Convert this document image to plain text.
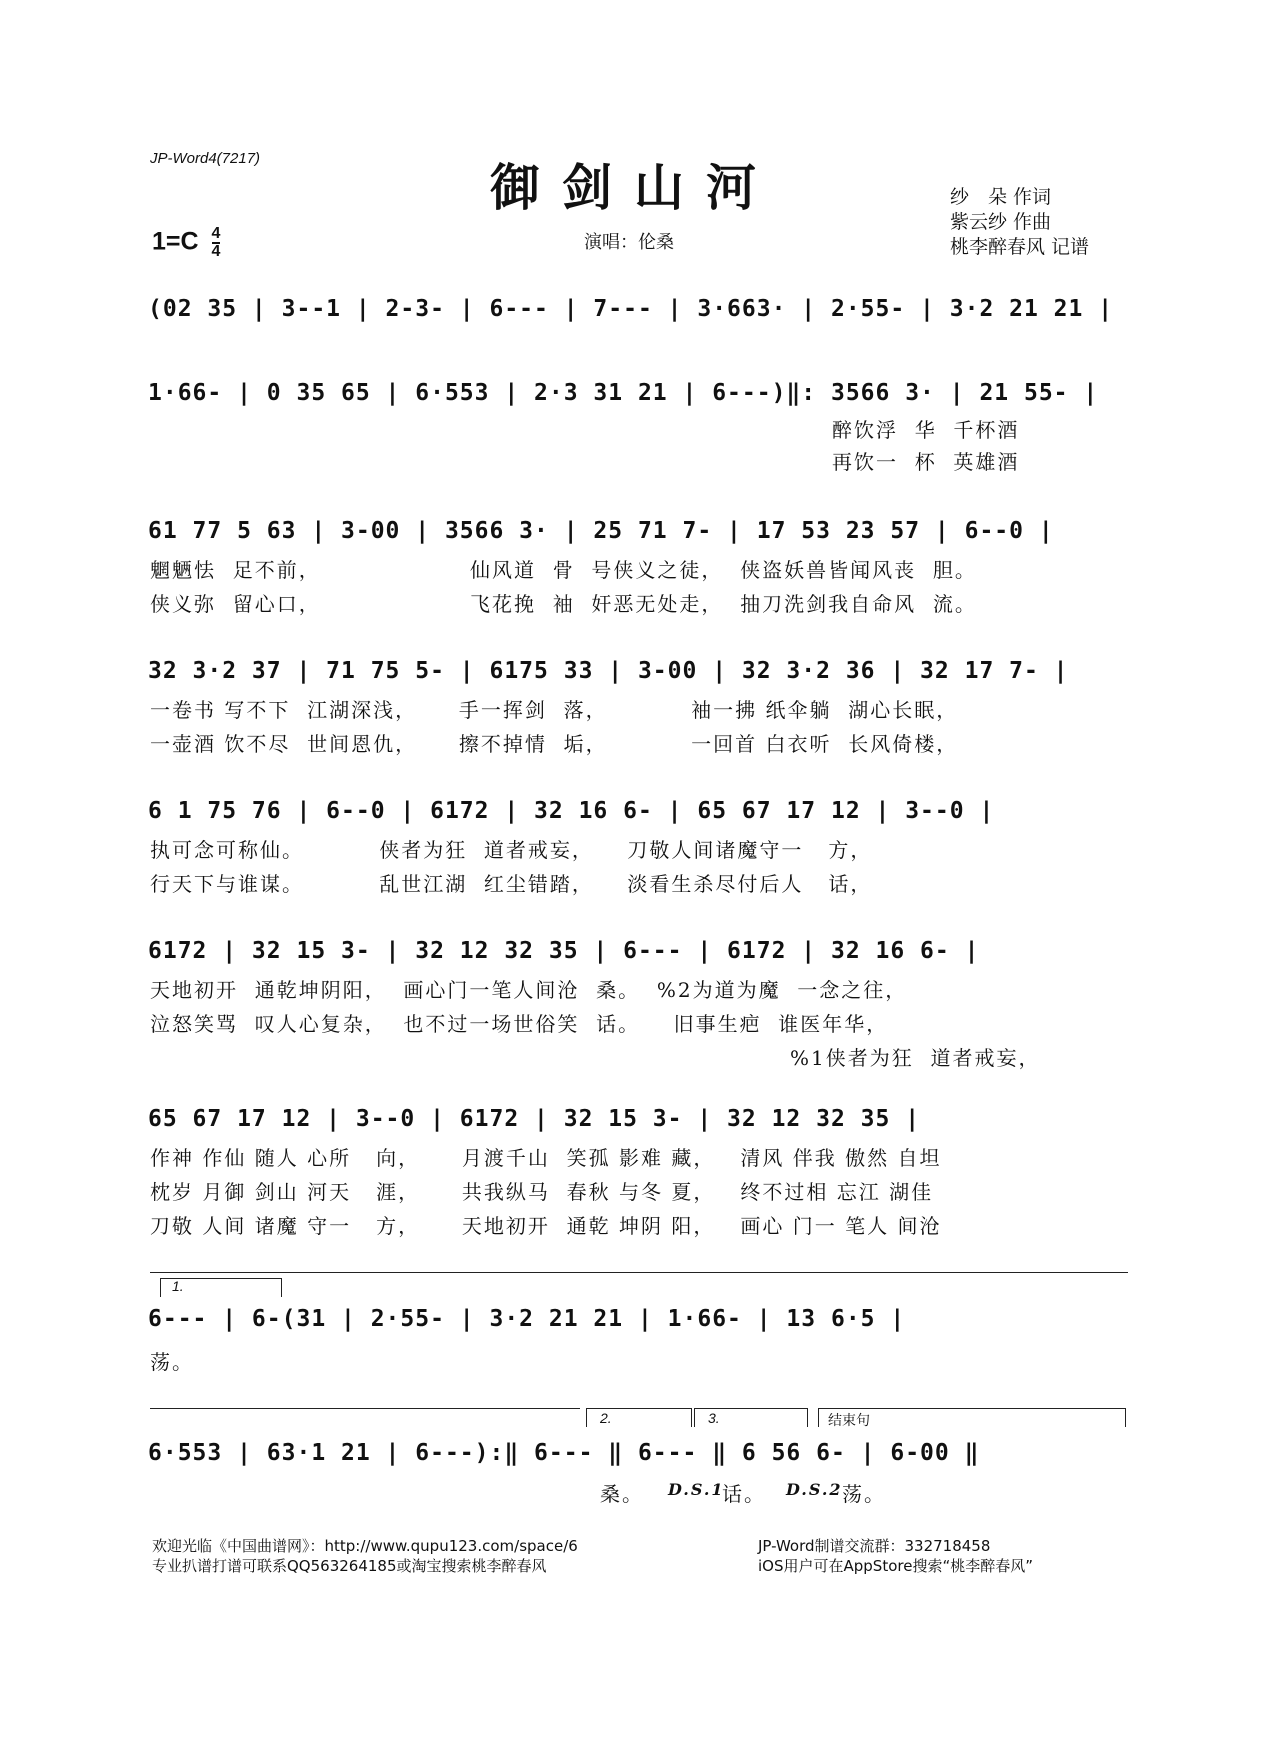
JP-Word4(7217)	御剑山河
$1=C \frac{4}{4}$	演唱：伦桑
纱　朵 作词
紫云纱 作曲
桃李醉春风 记谱
(02 35 | 3--1 | 2-3- | 6--- | 7--- | 3·663· | 2·55- | 3·2 21 21 |
1·66- | 0 35 65 | 6·553 | 2·3 31 21 | 6---)‖: 3566 3· | 21 55- |
醉饮浮  华  千杯酒
再饮一  杯  英雄酒
61 77 5 63 | 3-00 | 3566 3· | 25 71 7- | 17 53 23 57 | 6--0 |
魍魉怯  足不前，
侠义弥  留心口，
仙风道  骨  号侠义之徒，  侠盗妖兽皆闻风丧  胆。
飞花挽  袖  奸恶无处走，  抽刀洗剑我自命风  流。
32 3·2 37 | 71 75 5- | 6175 33 | 3-00 | 32 3·2 36 | 32 17 7- |
一卷书 写不下  江湖深浅，     手一挥剑  落，          袖一拂 纸伞躺  湖心长眠，
一壶酒 饮不尽  世间恩仇，     擦不掉情  垢，          一回首 白衣听  长风倚楼，
6 1 75 76 | 6--0 | 6172 | 32 16 6- | 65 67 17 12 | 3--0 |
执可念可称仙。         侠者为狂  道者戒妄，    刀敬人间诸魔守一   方，
行天下与谁谋。         乱世江湖  红尘错踏，    淡看生杀尽付后人   话，
6172 | 32 15 3- | 32 12 32 35 | 6--- | 6172 | 32 16 6- |
天地初开  通乾坤阴阳，  画心门一笔人间沧  桑。  %2为道为魔  一念之往，
泣怒笑骂  叹人心复杂，  也不过一场世俗笑  话。    旧事生疤  谁医年华，
%1侠者为狂  道者戒妄，
65 67 17 12 | 3--0 | 6172 | 32 15 3- | 32 12 32 35 |
作神 作仙 随人 心所   向，     月渡千山  笑孤 影难 藏，   清风 伴我 傲然 自坦
枕岁 月御 剑山 河天   涯，     共我纵马  春秋 与冬 夏，   终不过相 忘江 湖佳
刀敬 人间 诸魔 守一   方，     天地初开  通乾 坤阴 阳，   画心 门一 笔人 间沧
1.
6--- | 6-(31 | 2·55- | 3·2 21 21 | 1·66- | 13 6·5 |
荡。
2.	3.	结束句
6·553 | 63·1 21 | 6---):‖ 6--- ‖ 6--- ‖ 6 56 6- | 6-00 ‖
桑。 D.S.1
话。 D.S.2 荡。
欢迎光临《中国曲谱网》：http://www.qupu123.com/space/6
专业扒谱打谱可联系QQ563264185或淘宝搜索桃李醉春风
JP-Word制谱交流群：332718458
iOS用户可在AppStore搜索“桃李醉春风”
